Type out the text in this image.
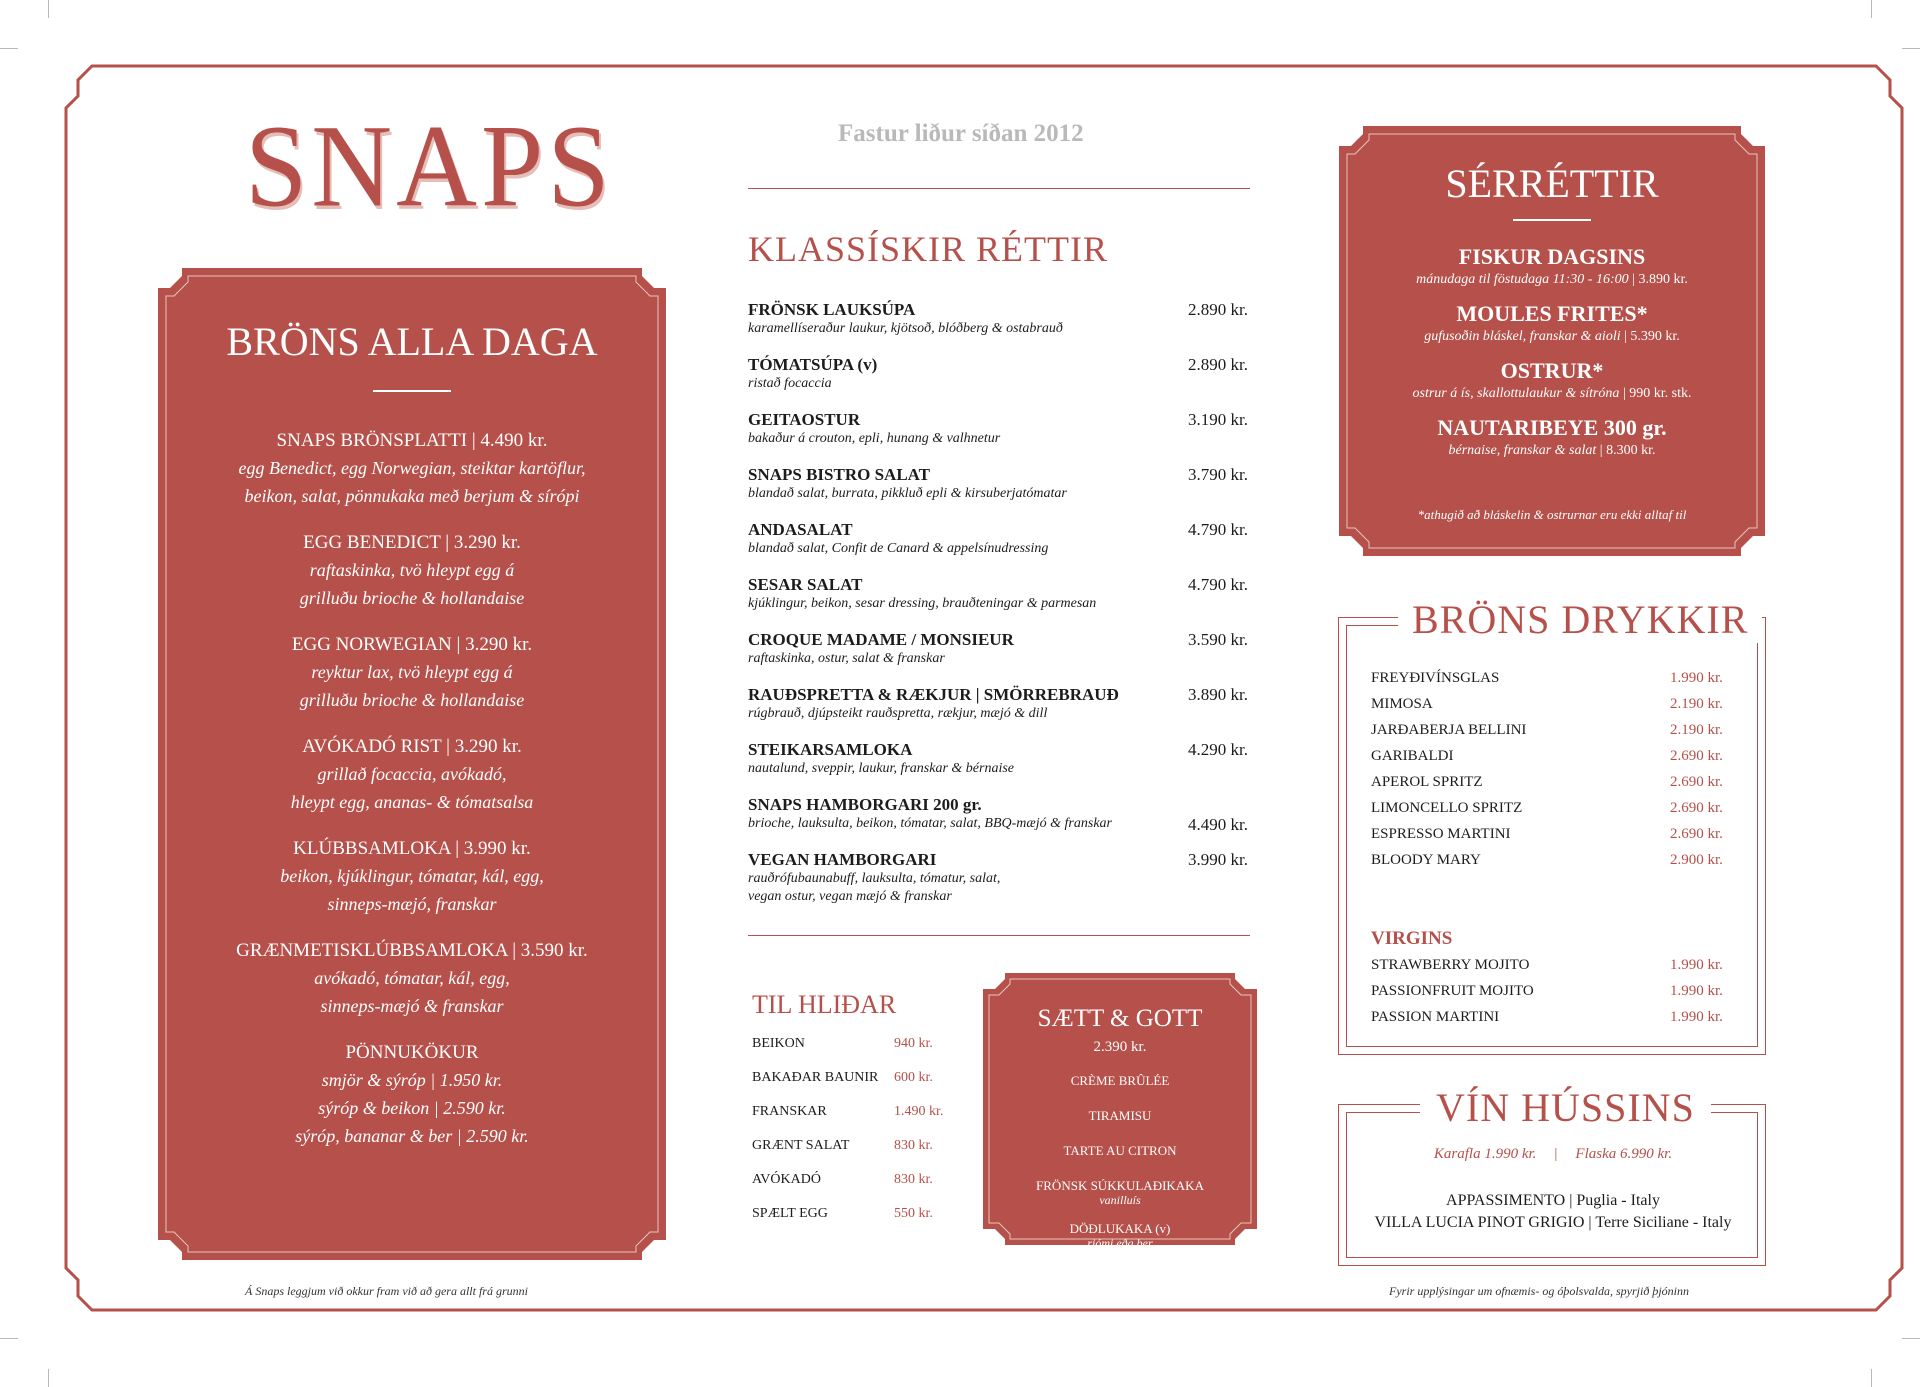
SNAPS
BRÖNS ALLA DAGA
SNAPS BRÖNSPLATTI | 4.490 kr.
egg Benedict, egg Norwegian, steiktar kartöflur,
beikon, salat, pönnukaka með berjum & sírópi
EGG BENEDICT | 3.290 kr.
raftaskinka, tvö hleypt egg á
grilluðu brioche & hollandaise
EGG NORWEGIAN | 3.290 kr.
reyktur lax, tvö hleypt egg á
grilluðu brioche & hollandaise
AVÓKADÓ RIST | 3.290 kr.
grillað focaccia, avókadó,
hleypt egg, ananas- & tómatsalsa
KLÚBBSAMLOKA | 3.990 kr.
beikon, kjúklingur, tómatar, kál, egg,
sinneps-mæjó, franskar
GRÆNMETISKLÚBBSAMLOKA | 3.590 kr.
avókadó, tómatar, kál, egg,
sinneps-mæjó & franskar
PÖNNUKÖKUR
smjör & sýróp | 1.950 kr.
sýróp & beikon | 2.590 kr.
sýróp, bananar & ber | 2.590 kr.
Á Snaps leggjum við okkur fram við að gera allt frá grunni
Fastur liður síðan 2012
KLASSÍSKIR RÉTTIR
FRÖNSK LAUKSÚPA
karamellíseraður laukur, kjötsoð, blóðberg & ostabrauð
2.890 kr.
TÓMATSÚPA (v)
ristað focaccia
2.890 kr.
GEITAOSTUR
bakaður á crouton, epli, hunang & valhnetur
3.190 kr.
SNAPS BISTRO SALAT
blandað salat, burrata, pikkluð epli & kirsuberjatómatar
3.790 kr.
ANDASALAT
blandað salat, Confit de Canard & appelsínudressing
4.790 kr.
SESAR SALAT
kjúklingur, beikon, sesar dressing, brauðteningar & parmesan
4.790 kr.
CROQUE MADAME / MONSIEUR
raftaskinka, ostur, salat & franskar
3.590 kr.
RAUÐSPRETTA & RÆKJUR | SMÖRREBRAUÐ
rúgbrauð, djúpsteikt rauðspretta, rækjur, mæjó & dill
3.890 kr.
STEIKARSAMLOKA
nautalund, sveppir, laukur, franskar & bérnaise
4.290 kr.
SNAPS HAMBORGARI 200 gr.
brioche, lauksulta, beikon, tómatar, salat, BBQ-mæjó & franskar	4.490 kr.
VEGAN HAMBORGARI
rauðrófubaunabuff, lauksulta, tómatur, salat,
vegan ostur, vegan mæjó & franskar
3.990 kr.
TIL HLIÐAR
BEIKON	940 kr.
BAKAÐAR BAUNIR 600 kr.
FRANSKAR	1.490 kr.
GRÆNT SALAT	830 kr.
AVÓKADÓ	830 kr.
SPÆLT EGG	550 kr.
SÆTT & GOTT
2.390 kr.
CRÈME BRÛLÉE
TIRAMISU
TARTE AU CITRON
FRÖNSK SÚKKULAÐIKAKA
vanilluís
DÖÐLUKAKA (v)
rjómi eða ber
SÉRRÉTTIR
FISKUR DAGSINS
mánudaga til föstudaga 11:30 - 16:00 | 3.890 kr.
MOULES FRITES*
gufusoðin bláskel, franskar & aioli | 5.390 kr.
OSTRUR*
ostrur á ís, skallottulaukur & sítróna | 990 kr. stk.
NAUTARIBEYE 300 gr.
bérnaise, franskar & salat | 8.300 kr.
*athugið að bláskelin & ostrurnar eru ekki alltaf til
BRÖNS DRYKKIR
FREYÐIVÍNSGLAS	1.990 kr.
MIMOSA	2.190 kr.
JARÐABERJA BELLINI	2.190 kr.
GARIBALDI	2.690 kr.
APEROL SPRITZ	2.690 kr.
LIMONCELLO SPRITZ	2.690 kr.
ESPRESSO MARTINI	2.690 kr.
BLOODY MARY	2.900 kr.
VIRGINS
STRAWBERRY MOJITO	1.990 kr.
PASSIONFRUIT MOJITO	1.990 kr.
PASSION MARTINI	1.990 kr.
VÍN HÚSSINS
Karafla 1.990 kr. | Flaska 6.990 kr.
APPASSIMENTO | Puglia - Italy
VILLA LUCIA PINOT GRIGIO | Terre Siciliane - Italy
Fyrir upplýsingar um ofnæmis- og óþolsvalda, spyrjið þjóninn
